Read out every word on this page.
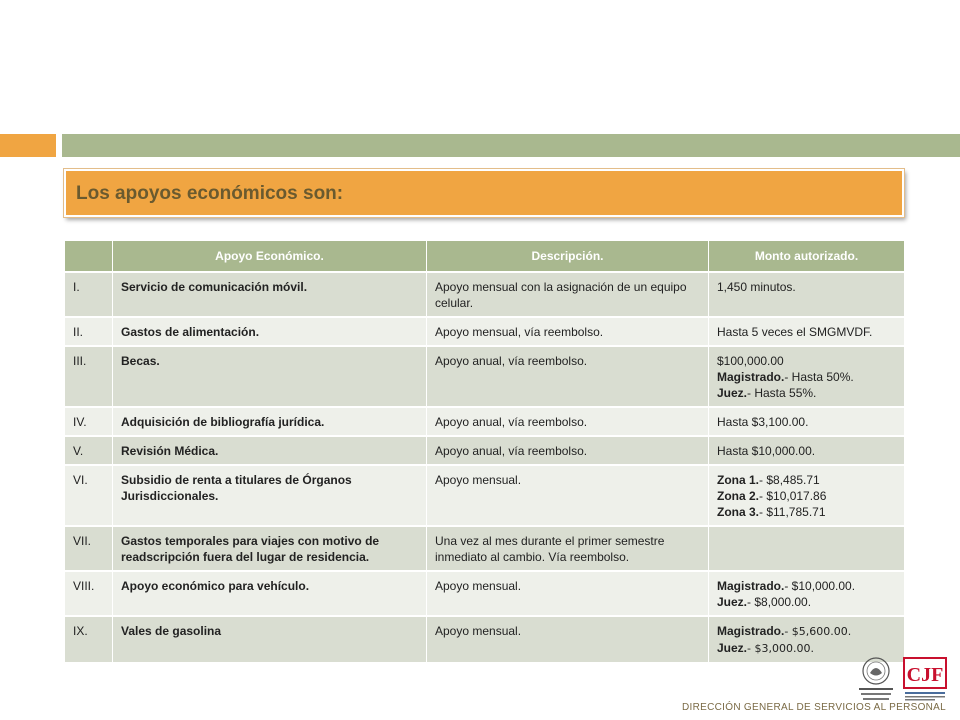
Los apoyos económicos son:
	Apoyo Económico.	Descripción.	Monto autorizado.
I.	Servicio de comunicación móvil.	Apoyo mensual con la asignación de un equipo celular.	1,450 minutos.

II.	Gastos de alimentación.	Apoyo mensual, vía reembolso.	Hasta 5 veces el SMGMVDF.

III.	Becas.	Apoyo anual, vía reembolso.	$100,000.00
Magistrado.- Hasta 50%.
Juez.- Hasta 55%.

IV.	Adquisición de bibliografía jurídica.	Apoyo anual, vía reembolso.	Hasta $3,100.00.

V.	Revisión Médica.	Apoyo anual, vía reembolso.	Hasta $10,000.00.

VI.	Subsidio de renta a titulares de Órganos Jurisdiccionales.	Apoyo mensual.	Zona 1.- $8,485.71
Zona 2.- $10,017.86
Zona 3.- $11,785.71

VII.	Gastos temporales para viajes con motivo de readscripción fuera del lugar de residencia.	Una vez al mes durante el primer semestre inmediato al cambio. Vía reembolso.	
VIII.	Apoyo económico para vehículo.	Apoyo mensual.	Magistrado.- $10,000.00.
Juez.- $8,000.00.

IX.	Vales de gasolina	Apoyo mensual.	Magistrado.- $5,600.00.
Juez.- $3,000.00.
CJF
DIRECCIÓN GENERAL DE SERVICIOS AL PERSONAL
